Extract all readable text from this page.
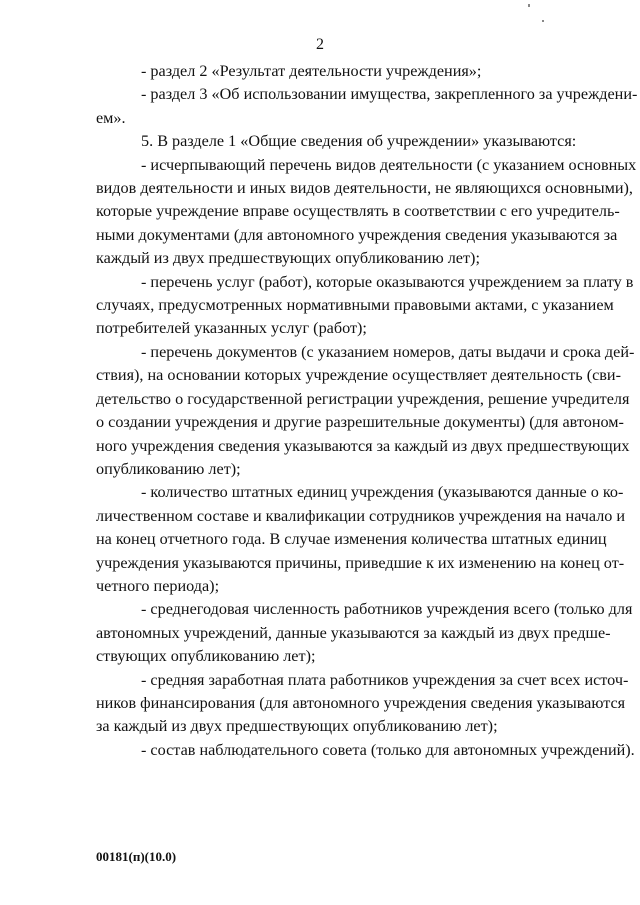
2

- раздел 2 «Результат деятельности учреждения»;

- раздел 3 «Об использовании имущества, закрепленного за учреждени-
ем».

5. В разделе 1 «Общие сведения об учреждении» указываются:

- исчерпывающий перечень видов деятельности (с указанием основных
видов деятельности и иных видов деятельности, не являющихся основными),
которые учреждение вправе осуществлять в соответствии с его учредитель-
ными документами (для автономного учреждения сведения указываются за
каждый из двух предшествующих опубликованию лет);

- перечень услуг (работ), которые оказываются учреждением за плату в
случаях, предусмотренных нормативными правовыми актами, с указанием
потребителей указанных услуг (работ);

- перечень документов (с указанием номеров, даты выдачи и срока дей-
ствия), на основании которых учреждение осуществляет деятельность (сви-
детельство о государственной регистрации учреждения, решение учредителя
о создании учреждения и другие разрешительные документы) (для автоном-
ного учреждения сведения указываются за каждый из двух предшествующих
опубликованию лет);

- количество штатных единиц учреждения (указываются данные о ко-
личественном составе и квалификации сотрудников учреждения на начало и
на конец отчетного года. В случае изменения количества штатных единиц
учреждения указываются причины, приведшие к их изменению на конец от-
четного периода);

- среднегодовая численность работников учреждения всего (только для
автономных учреждений, данные указываются за каждый из двух предше-
ствующих опубликованию лет);

- средняя заработная плата работников учреждения за счет всех источ-
ников финансирования (для автономного учреждения сведения указываются
за каждый из двух предшествующих опубликованию лет);

- состав наблюдательного совета (только для автономных учреждений).

00181(п)(10.0)
